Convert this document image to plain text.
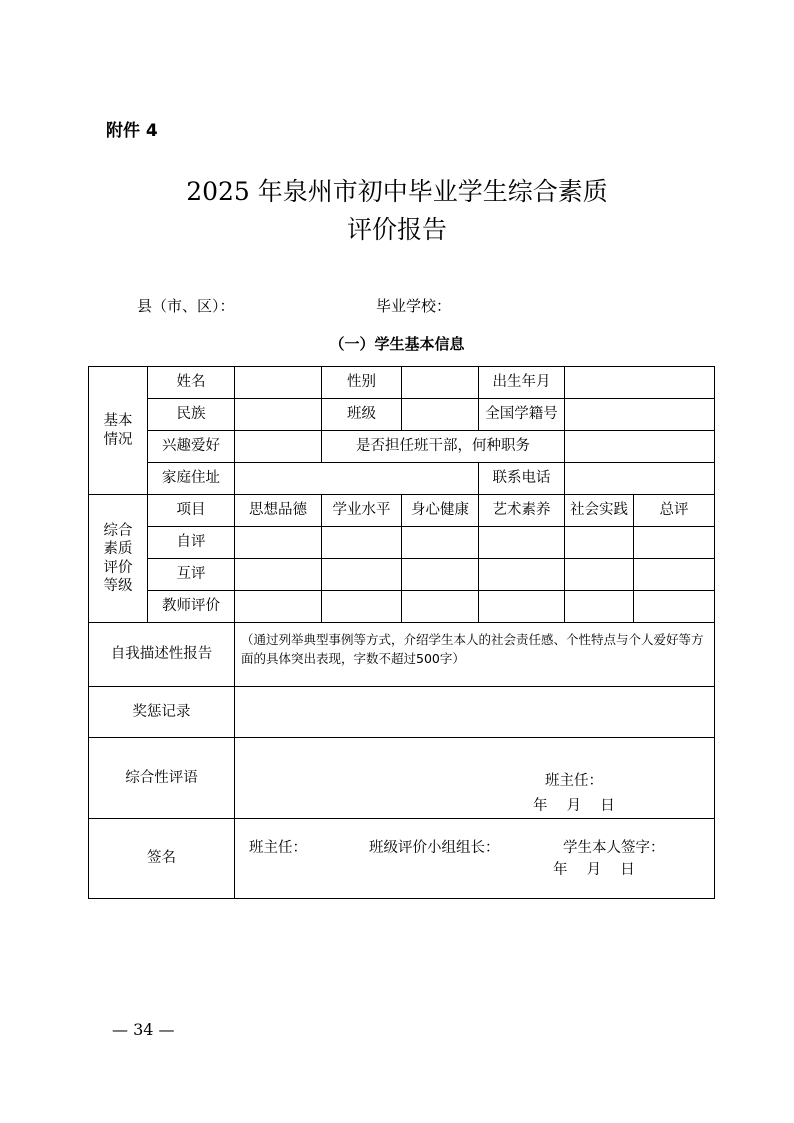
附件 4
2025 年泉州市初中毕业学生综合素质
评价报告
县（市、区）：	毕业学校：
（一）学生基本信息
基本
情况	姓名		性别		出生年月		
	民族		班级		全国学籍号		
	兴趣爱好		是否担任班干部，何种职务				
	家庭住址				联系电话		
综合
素质
评价
等级	项目	思想品德	学业水平	身心健康	艺术素养	社会实践	总评
	自评						
	互评						
	教师评价						
自我描述性报告		（通过列举典型事例等方式，介绍学生本人的社会责任感、个性特点与个人爱好等方面的具体突出表现，字数不超过500字）					
奖惩记录							
综合性评语		班主任：
年　 月　 日					

签名		班主任： 班级评价小组组长： 学生本人签字：
年　 月　 日					
— 34 —
